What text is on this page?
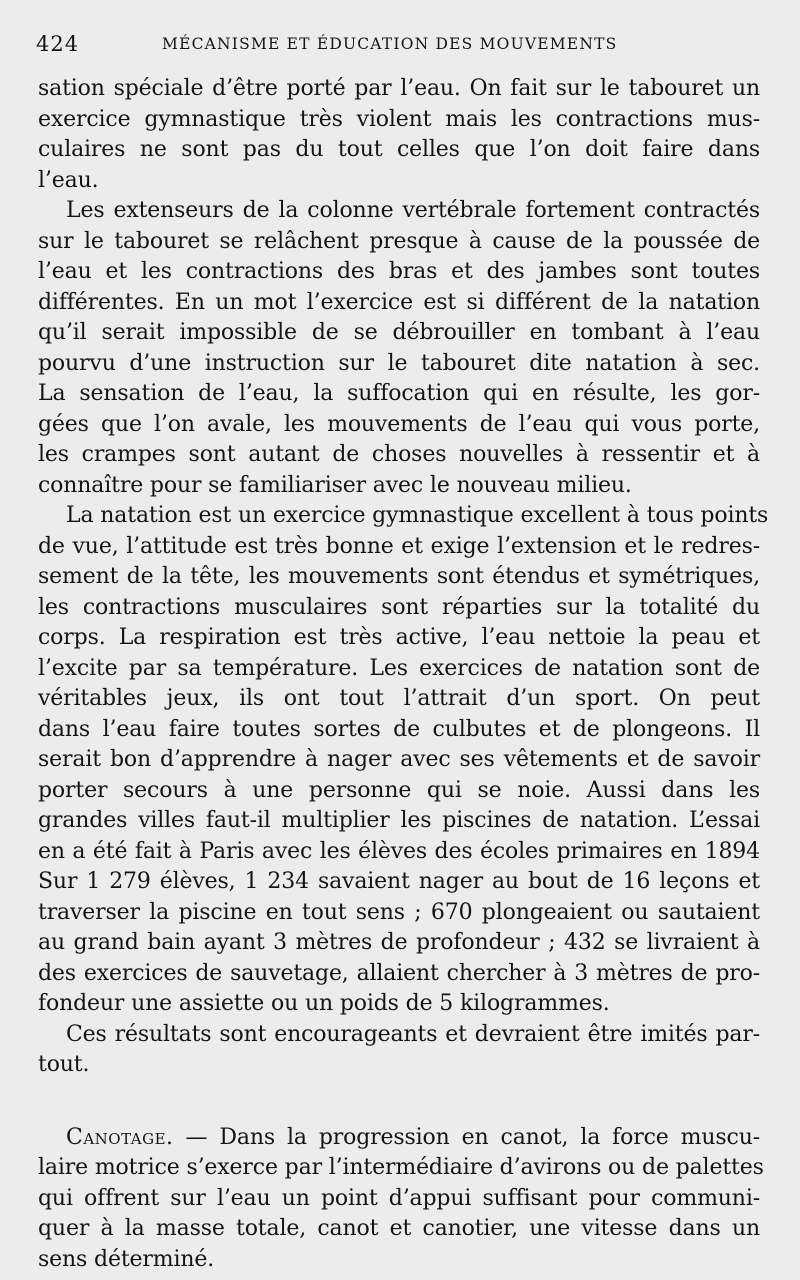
424	MÉCANISME ET ÉDUCATION DES MOUVEMENTS
sation spéciale d’être porté par l’eau. On fait sur le tabouret un
exercice gymnastique très violent mais les contractions mus-
culaires ne sont pas du tout celles que l’on doit faire dans
l’eau.
Les extenseurs de la colonne vertébrale fortement contractés
sur le tabouret se relâchent presque à cause de la poussée de
l’eau et les contractions des bras et des jambes sont toutes
différentes. En un mot l’exercice est si différent de la natation
qu’il serait impossible de se débrouiller en tombant à l’eau
pourvu d’une instruction sur le tabouret dite natation à sec.
La sensation de l’eau, la suffocation qui en résulte, les gor-
gées que l’on avale, les mouvements de l’eau qui vous porte,
les crampes sont autant de choses nouvelles à ressentir et à
connaître pour se familiariser avec le nouveau milieu.
La natation est un exercice gymnastique excellent à tous points
de vue, l’attitude est très bonne et exige l’extension et le redres-
sement de la tête, les mouvements sont étendus et symétriques,
les contractions musculaires sont réparties sur la totalité du
corps. La respiration est très active, l’eau nettoie la peau et
l’excite par sa température. Les exercices de natation sont de
véritables jeux, ils ont tout l’attrait d’un sport. On peut
dans l’eau faire toutes sortes de culbutes et de plongeons. Il
serait bon d’apprendre à nager avec ses vêtements et de savoir
porter secours à une personne qui se noie. Aussi dans les
grandes villes faut-il multiplier les piscines de natation. L’essai
en a été fait à Paris avec les élèves des écoles primaires en 1894
Sur 1 279 élèves, 1 234 savaient nager au bout de 16 leçons et
traverser la piscine en tout sens ; 670 plongeaient ou sautaient
au grand bain ayant 3 mètres de profondeur ; 432 se livraient à
des exercices de sauvetage, allaient chercher à 3 mètres de pro-
fondeur une assiette ou un poids de 5 kilogrammes.
Ces résultats sont encourageants et devraient être imités par-
tout.
Canotage. — Dans la progression en canot, la force muscu-
laire motrice s’exerce par l’intermédiaire d’avirons ou de palettes
qui offrent sur l’eau un point d’appui suffisant pour communi-
quer à la masse totale, canot et canotier, une vitesse dans un
sens déterminé.
